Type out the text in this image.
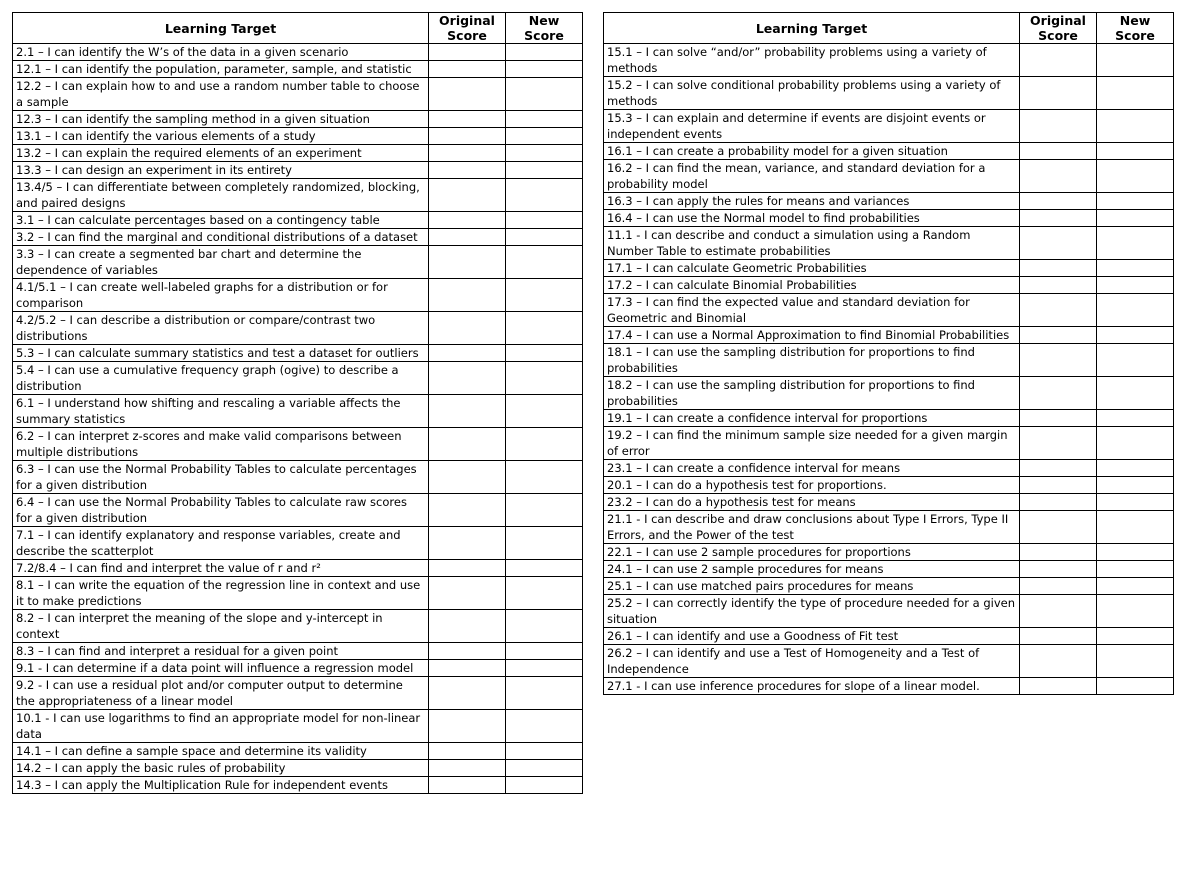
Learning Target	Original Score	New Score
2.1 – I can identify the W’s of the data in a given scenario		
12.1 – I can identify the population, parameter, sample, and statistic		
12.2 – I can explain how to and use a random number table to choose a sample		
12.3 – I can identify the sampling method in a given situation		
13.1 – I can identify the various elements of a study		
13.2 – I can explain the required elements of an experiment		
13.3 – I can design an experiment in its entirety		
13.4/5 – I can differentiate between completely randomized, blocking, and paired designs		
3.1 – I can calculate percentages based on a contingency table		
3.2 – I can find the marginal and conditional distributions of a dataset		
3.3 – I can create a segmented bar chart and determine the dependence of variables		
4.1/5.1 – I can create well-labeled graphs for a distribution or for comparison		
4.2/5.2 – I can describe a distribution or compare/contrast two distributions		
5.3 – I can calculate summary statistics and test a dataset for outliers		
5.4 – I can use a cumulative frequency graph (ogive) to describe a distribution		
6.1 – I understand how shifting and rescaling a variable affects the summary statistics		
6.2 – I can interpret z-scores and make valid comparisons between multiple distributions		
6.3 – I can use the Normal Probability Tables to calculate percentages for a given distribution		
6.4 – I can use the Normal Probability Tables to calculate raw scores for a given distribution		
7.1 – I can identify explanatory and response variables, create and describe the scatterplot		
7.2/8.4 – I can find and interpret the value of r and r²		
8.1 – I can write the equation of the regression line in context and use it to make predictions		
8.2 – I can interpret the meaning of the slope and y-intercept in context		
8.3 – I can find and interpret a residual for a given point		
9.1 - I can determine if a data point will influence a regression model		
9.2 - I can use a residual plot and/or computer output to determine the appropriateness of a linear model		
10.1 - I can use logarithms to find an appropriate model for non-linear data		
14.1 – I can define a sample space and determine its validity		
14.2 – I can apply the basic rules of probability		
14.3 – I can apply the Multiplication Rule for independent events		
Learning Target	Original Score	New Score
15.1 – I can solve “and/or” probability problems using a variety of methods		
15.2 – I can solve conditional probability problems using a variety of methods		
15.3 – I can explain and determine if events are disjoint events or independent events		
16.1 – I can create a probability model for a given situation		
16.2 – I can find the mean, variance, and standard deviation for a probability model		
16.3 – I can apply the rules for means and variances		
16.4 – I can use the Normal model to find probabilities		
11.1 - I can describe and conduct a simulation using a Random Number Table to estimate probabilities		
17.1 – I can calculate Geometric Probabilities		
17.2 – I can calculate Binomial Probabilities		
17.3 – I can find the expected value and standard deviation for Geometric and Binomial		
17.4 – I can use a Normal Approximation to find Binomial Probabilities		
18.1 – I can use the sampling distribution for proportions to find probabilities		
18.2 – I can use the sampling distribution for proportions to find probabilities		
19.1 – I can create a confidence interval for proportions		
19.2 – I can find the minimum sample size needed for a given margin of error		
23.1 – I can create a confidence interval for means		
20.1 – I can do a hypothesis test for proportions.		
23.2 – I can do a hypothesis test for means		
21.1 - I can describe and draw conclusions about Type I Errors, Type II Errors, and the Power of the test		
22.1 – I can use 2 sample procedures for proportions		
24.1 – I can use 2 sample procedures for means		
25.1 – I can use matched pairs procedures for means		
25.2 – I can correctly identify the type of procedure needed for a given situation		
26.1 – I can identify and use a Goodness of Fit test		
26.2 – I can identify and use a Test of Homogeneity and a Test of Independence		
27.1 - I can use inference procedures for slope of a linear model.		
